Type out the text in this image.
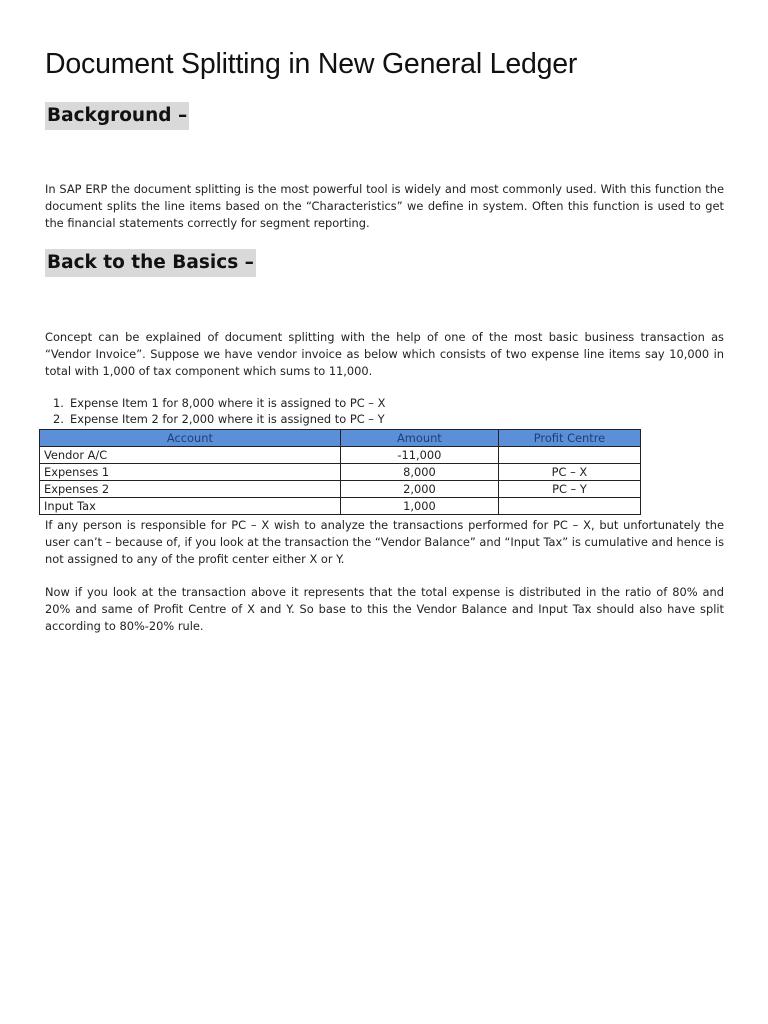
Document Splitting in New General Ledger
Background –

In SAP ERP the document splitting is the most powerful tool is widely and most commonly used. With this function the document splits the line items based on the “Characteristics” we define in system. Often this function is used to get the financial statements correctly for segment reporting.

Back to the Basics –

Concept can be explained of document splitting with the help of one of the most basic business transaction as “Vendor Invoice”. Suppose we have vendor invoice as below which consists of two expense line items say 10,000 in total with 1,000 of tax component which sums to 11,000.

1. Expense Item 1 for 8,000 where it is assigned to PC – X
2. Expense Item 2 for 2,000 where it is assigned to PC – Y
Account	Amount	Profit Centre
Vendor A/C	-11,000	
Expenses 1	8,000	PC – X
Expenses 2	2,000	PC – Y
Input Tax	1,000	

If any person is responsible for PC – X wish to analyze the transactions performed for PC – X, but unfortunately the user can’t – because of, if you look at the transaction the “Vendor Balance” and “Input Tax” is cumulative and hence is not assigned to any of the profit center either X or Y.

Now if you look at the transaction above it represents that the total expense is distributed in the ratio of 80% and 20% and same of Profit Centre of X and Y. So base to this the Vendor Balance and Input Tax should also have split according to 80%-20% rule.
